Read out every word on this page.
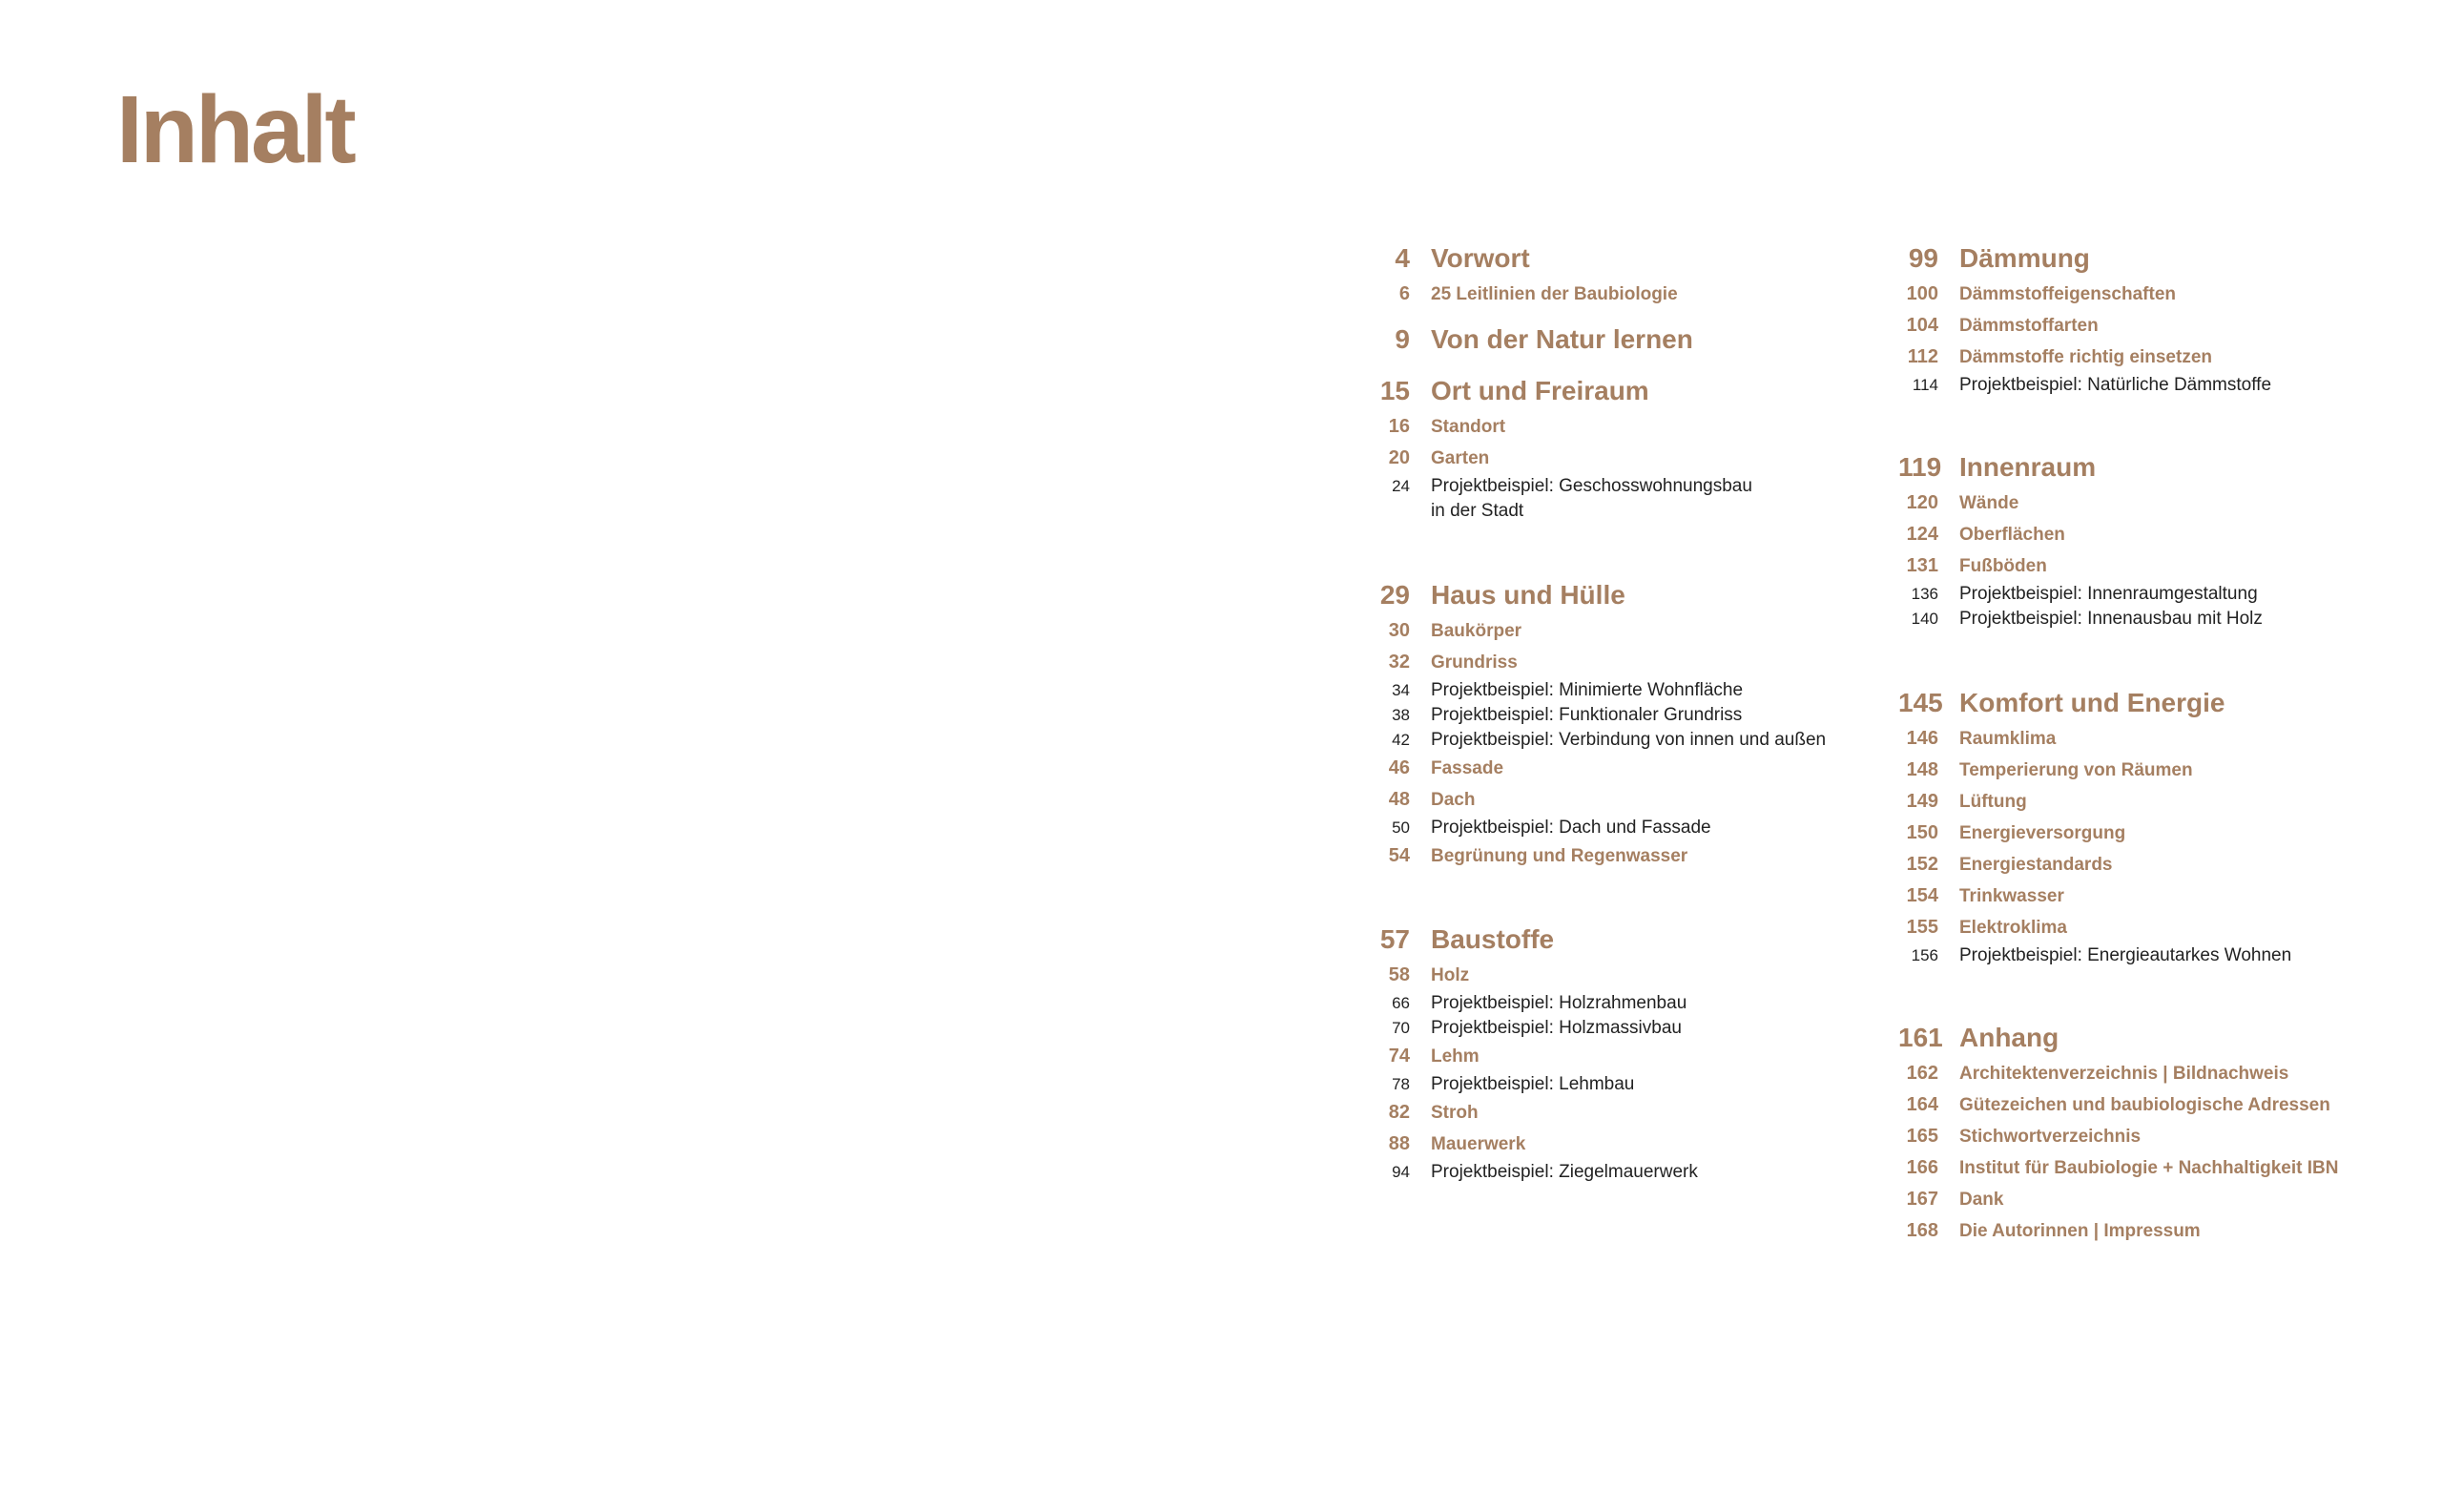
Inhalt
4 Vorwort
6 25 Leitlinien der Baubiologie
9 Von der Natur lernen
15 Ort und Freiraum
16 Standort
20 Garten
24 Projektbeispiel: Geschosswohnungsbau
in der Stadt
29 Haus und Hülle
30 Baukörper
32 Grundriss
34 Projektbeispiel: Minimierte Wohnfläche
38 Projektbeispiel: Funktionaler Grundriss
42 Projektbeispiel: Verbindung von innen und außen
46 Fassade
48 Dach
50 Projektbeispiel: Dach und Fassade
54 Begrünung und Regenwasser
57 Baustoffe
58 Holz
66 Projektbeispiel: Holzrahmenbau
70 Projektbeispiel: Holzmassivbau
74 Lehm
78 Projektbeispiel: Lehmbau
82 Stroh
88 Mauerwerk
94 Projektbeispiel: Ziegelmauerwerk
99 Dämmung
100 Dämmstoffeigenschaften
104 Dämmstoffarten
112 Dämmstoffe richtig einsetzen
114 Projektbeispiel: Natürliche Dämmstoffe
119 Innenraum
120 Wände
124 Oberflächen
131 Fußböden
136 Projektbeispiel: Innenraumgestaltung
140 Projektbeispiel: Innenausbau mit Holz
145 Komfort und Energie
146 Raumklima
148 Temperierung von Räumen
149 Lüftung
150 Energieversorgung
152 Energiestandards
154 Trinkwasser
155 Elektroklima
156 Projektbeispiel: Energieautarkes Wohnen
161 Anhang
162 Architektenverzeichnis | Bildnachweis
164 Gütezeichen und baubiologische Adressen
165 Stichwortverzeichnis
166 Institut für Baubiologie + Nachhaltigkeit IBN
167 Dank
168 Die Autorinnen | Impressum
